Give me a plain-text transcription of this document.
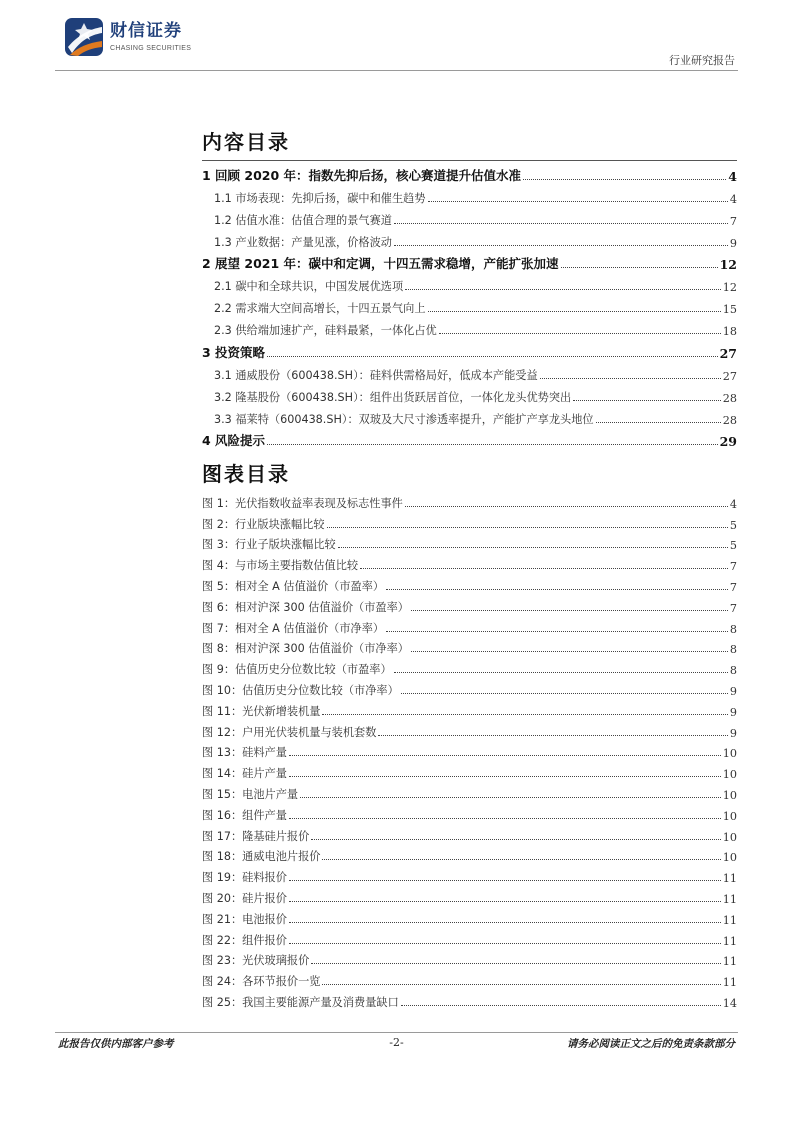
财信证券
CHASING SECURITIES
行业研究报告
内容目录
1 回顾 2020 年：指数先抑后扬，核心赛道提升估值水准	4
1.1 市场表现：先抑后扬，碳中和催生趋势	4
1.2 估值水准：估值合理的景气赛道	7
1.3 产业数据：产量见涨，价格波动	9
2 展望 2021 年：碳中和定调，十四五需求稳增，产能扩张加速	12
2.1 碳中和全球共识，中国发展优选项	12
2.2 需求端大空间高增长，十四五景气向上	15
2.3 供给端加速扩产，硅料最紧，一体化占优	18
3 投资策略	27
3.1 通威股份（600438.SH）：硅料供需格局好，低成本产能受益	27
3.2 隆基股份（600438.SH）：组件出货跃居首位，一体化龙头优势突出	28
3.3 福莱特（600438.SH）：双玻及大尺寸渗透率提升，产能扩产享龙头地位	28
4 风险提示	29
图表目录
图 1：光伏指数收益率表现及标志性事件	4
图 2：行业版块涨幅比较	5
图 3：行业子版块涨幅比较	5
图 4：与市场主要指数估值比较	7
图 5：相对全 A 估值溢价（市盈率）	7
图 6：相对沪深 300 估值溢价（市盈率）	7
图 7：相对全 A 估值溢价（市净率）	8
图 8：相对沪深 300 估值溢价（市净率）	8
图 9：估值历史分位数比较（市盈率）	8
图 10：估值历史分位数比较（市净率）	9
图 11：光伏新增装机量	9
图 12：户用光伏装机量与装机套数	9
图 13：硅料产量	10
图 14：硅片产量	10
图 15：电池片产量	10
图 16：组件产量	10
图 17：隆基硅片报价	10
图 18：通威电池片报价	10
图 19：硅料报价	11
图 20：硅片报价	11
图 21：电池报价	11
图 22：组件报价	11
图 23：光伏玻璃报价	11
图 24：各环节报价一览	11
图 25：我国主要能源产量及消费量缺口	14
此报告仅供内部客户参考	-2-	请务必阅读正文之后的免责条款部分
